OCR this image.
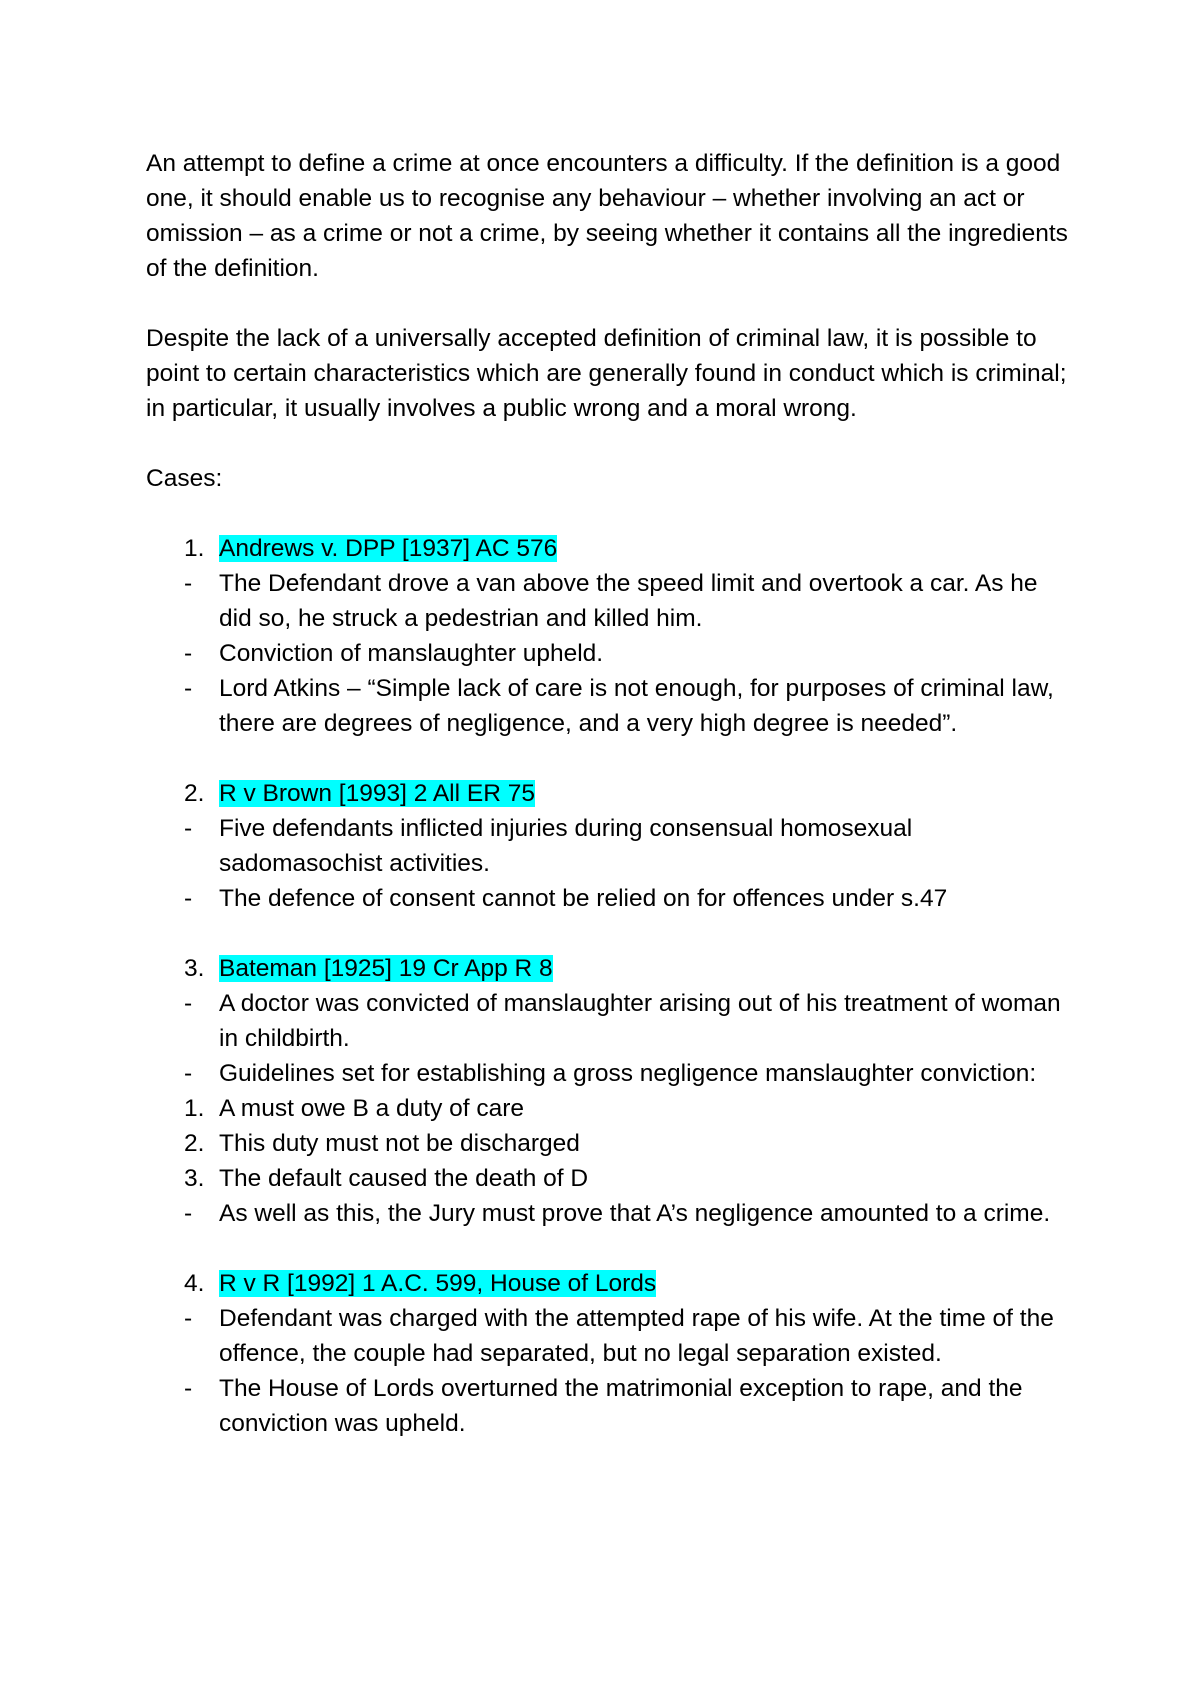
An attempt to define a crime at once encounters a difficulty. If the definition is a good one, it should enable us to recognise any behaviour – whether involving an act or omission – as a crime or not a crime, by seeing whether it contains all the ingredients of the definition.

Despite the lack of a universally accepted definition of criminal law, it is possible to point to certain characteristics which are generally found in conduct which is criminal; in particular, it usually involves a public wrong and a moral wrong.

Cases:

1. Andrews v. DPP [1937] AC 576
-	The Defendant drove a van above the speed limit and overtook a car. As he did so, he struck a pedestrian and killed him.
-	Conviction of manslaughter upheld.
-	Lord Atkins – “Simple lack of care is not enough, for purposes of criminal law, there are degrees of negligence, and a very high degree is needed”.
2. R v Brown [1993] 2 All ER 75
-	Five defendants inflicted injuries during consensual homosexual sadomasochist activities.
-	The defence of consent cannot be relied on for offences under s.47
3. Bateman [1925] 19 Cr App R 8
-	A doctor was convicted of manslaughter arising out of his treatment of woman in childbirth.
-	Guidelines set for establishing a gross negligence manslaughter conviction:
1. A must owe B a duty of care
2. This duty must not be discharged
3. The default caused the death of D
-	As well as this, the Jury must prove that A’s negligence amounted to a crime.
4. R v R [1992] 1 A.C. 599, House of Lords
-	Defendant was charged with the attempted rape of his wife. At the time of the offence, the couple had separated, but no legal separation existed.
-	The House of Lords overturned the matrimonial exception to rape, and the conviction was upheld.
